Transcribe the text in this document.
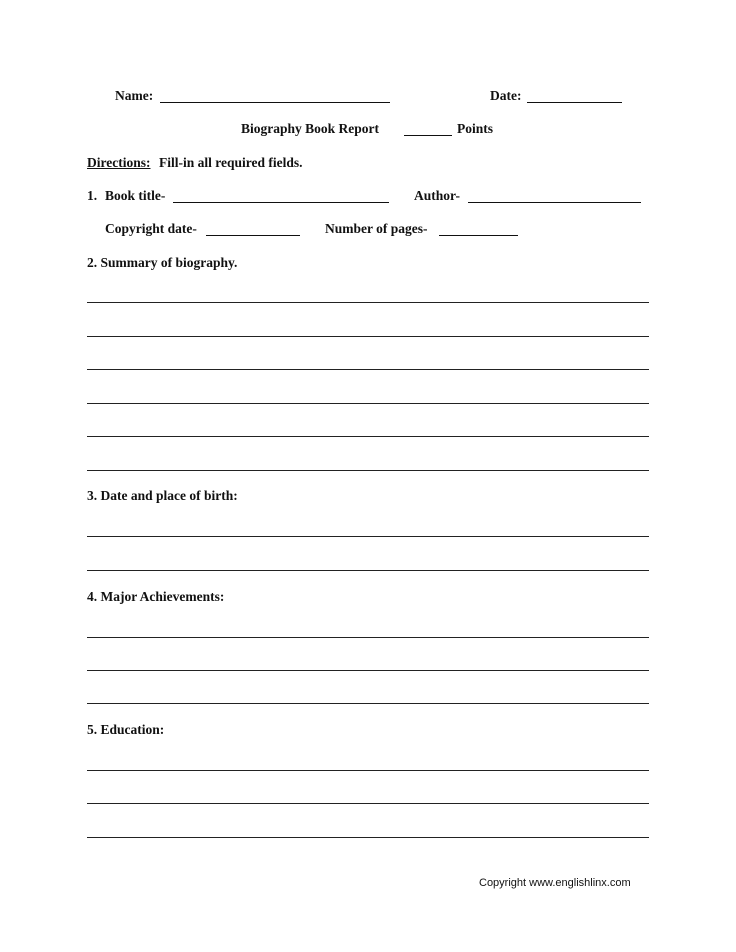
Name:	Date:
Biography Book Report	Points
Directions: Fill-in all required fields.
1. Book title-	Author-
Copyright date-	Number of pages-
2. Summary of biography.
3. Date and place of birth:
4. Major Achievements:
5. Education:
Copyright www.englishlinx.com
